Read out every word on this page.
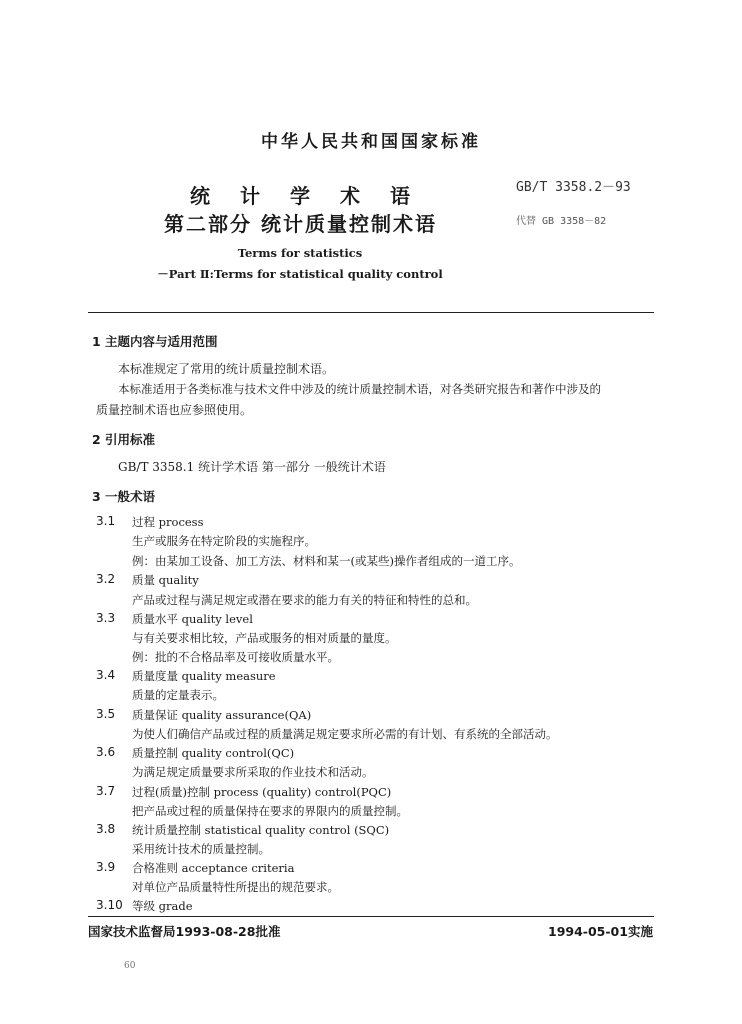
中华人民共和国国家标准
GB/T 3358.2－93
代替 GB 3358－82
统计学术语
第二部分 统计质量控制术语
Terms for statistics
－Part Ⅱ:Terms for statistical quality control
1 主题内容与适用范围
本标准规定了常用的统计质量控制术语。
本标准适用于各类标准与技术文件中涉及的统计质量控制术语，对各类研究报告和著作中涉及的
质量控制术语也应参照使用。
2 引用标准
GB/T 3358.1 统计学术语 第一部分 一般统计术语
3 一般术语
3.1 过程 process
生产或服务在特定阶段的实施程序。
例：由某加工设备、加工方法、材料和某一(或某些)操作者组成的一道工序。
3.2 质量 quality
产品或过程与满足规定或潜在要求的能力有关的特征和特性的总和。
3.3 质量水平 quality level
与有关要求相比较，产品或服务的相对质量的量度。
例：批的不合格品率及可接收质量水平。
3.4 质量度量 quality measure
质量的定量表示。
3.5 质量保证 quality assurance(QA)
为使人们确信产品或过程的质量满足规定要求所必需的有计划、有系统的全部活动。
3.6 质量控制 quality control(QC)
为满足规定质量要求所采取的作业技术和活动。
3.7 过程(质量)控制 process (quality) control(PQC)
把产品或过程的质量保持在要求的界限内的质量控制。
3.8 统计质量控制 statistical quality control (SQC)
采用统计技术的质量控制。
3.9 合格准则 acceptance criteria
对单位产品质量特性所提出的规范要求。
3.10 等级 grade
国家技术监督局1993-08-28批准	1994-05-01实施
60
